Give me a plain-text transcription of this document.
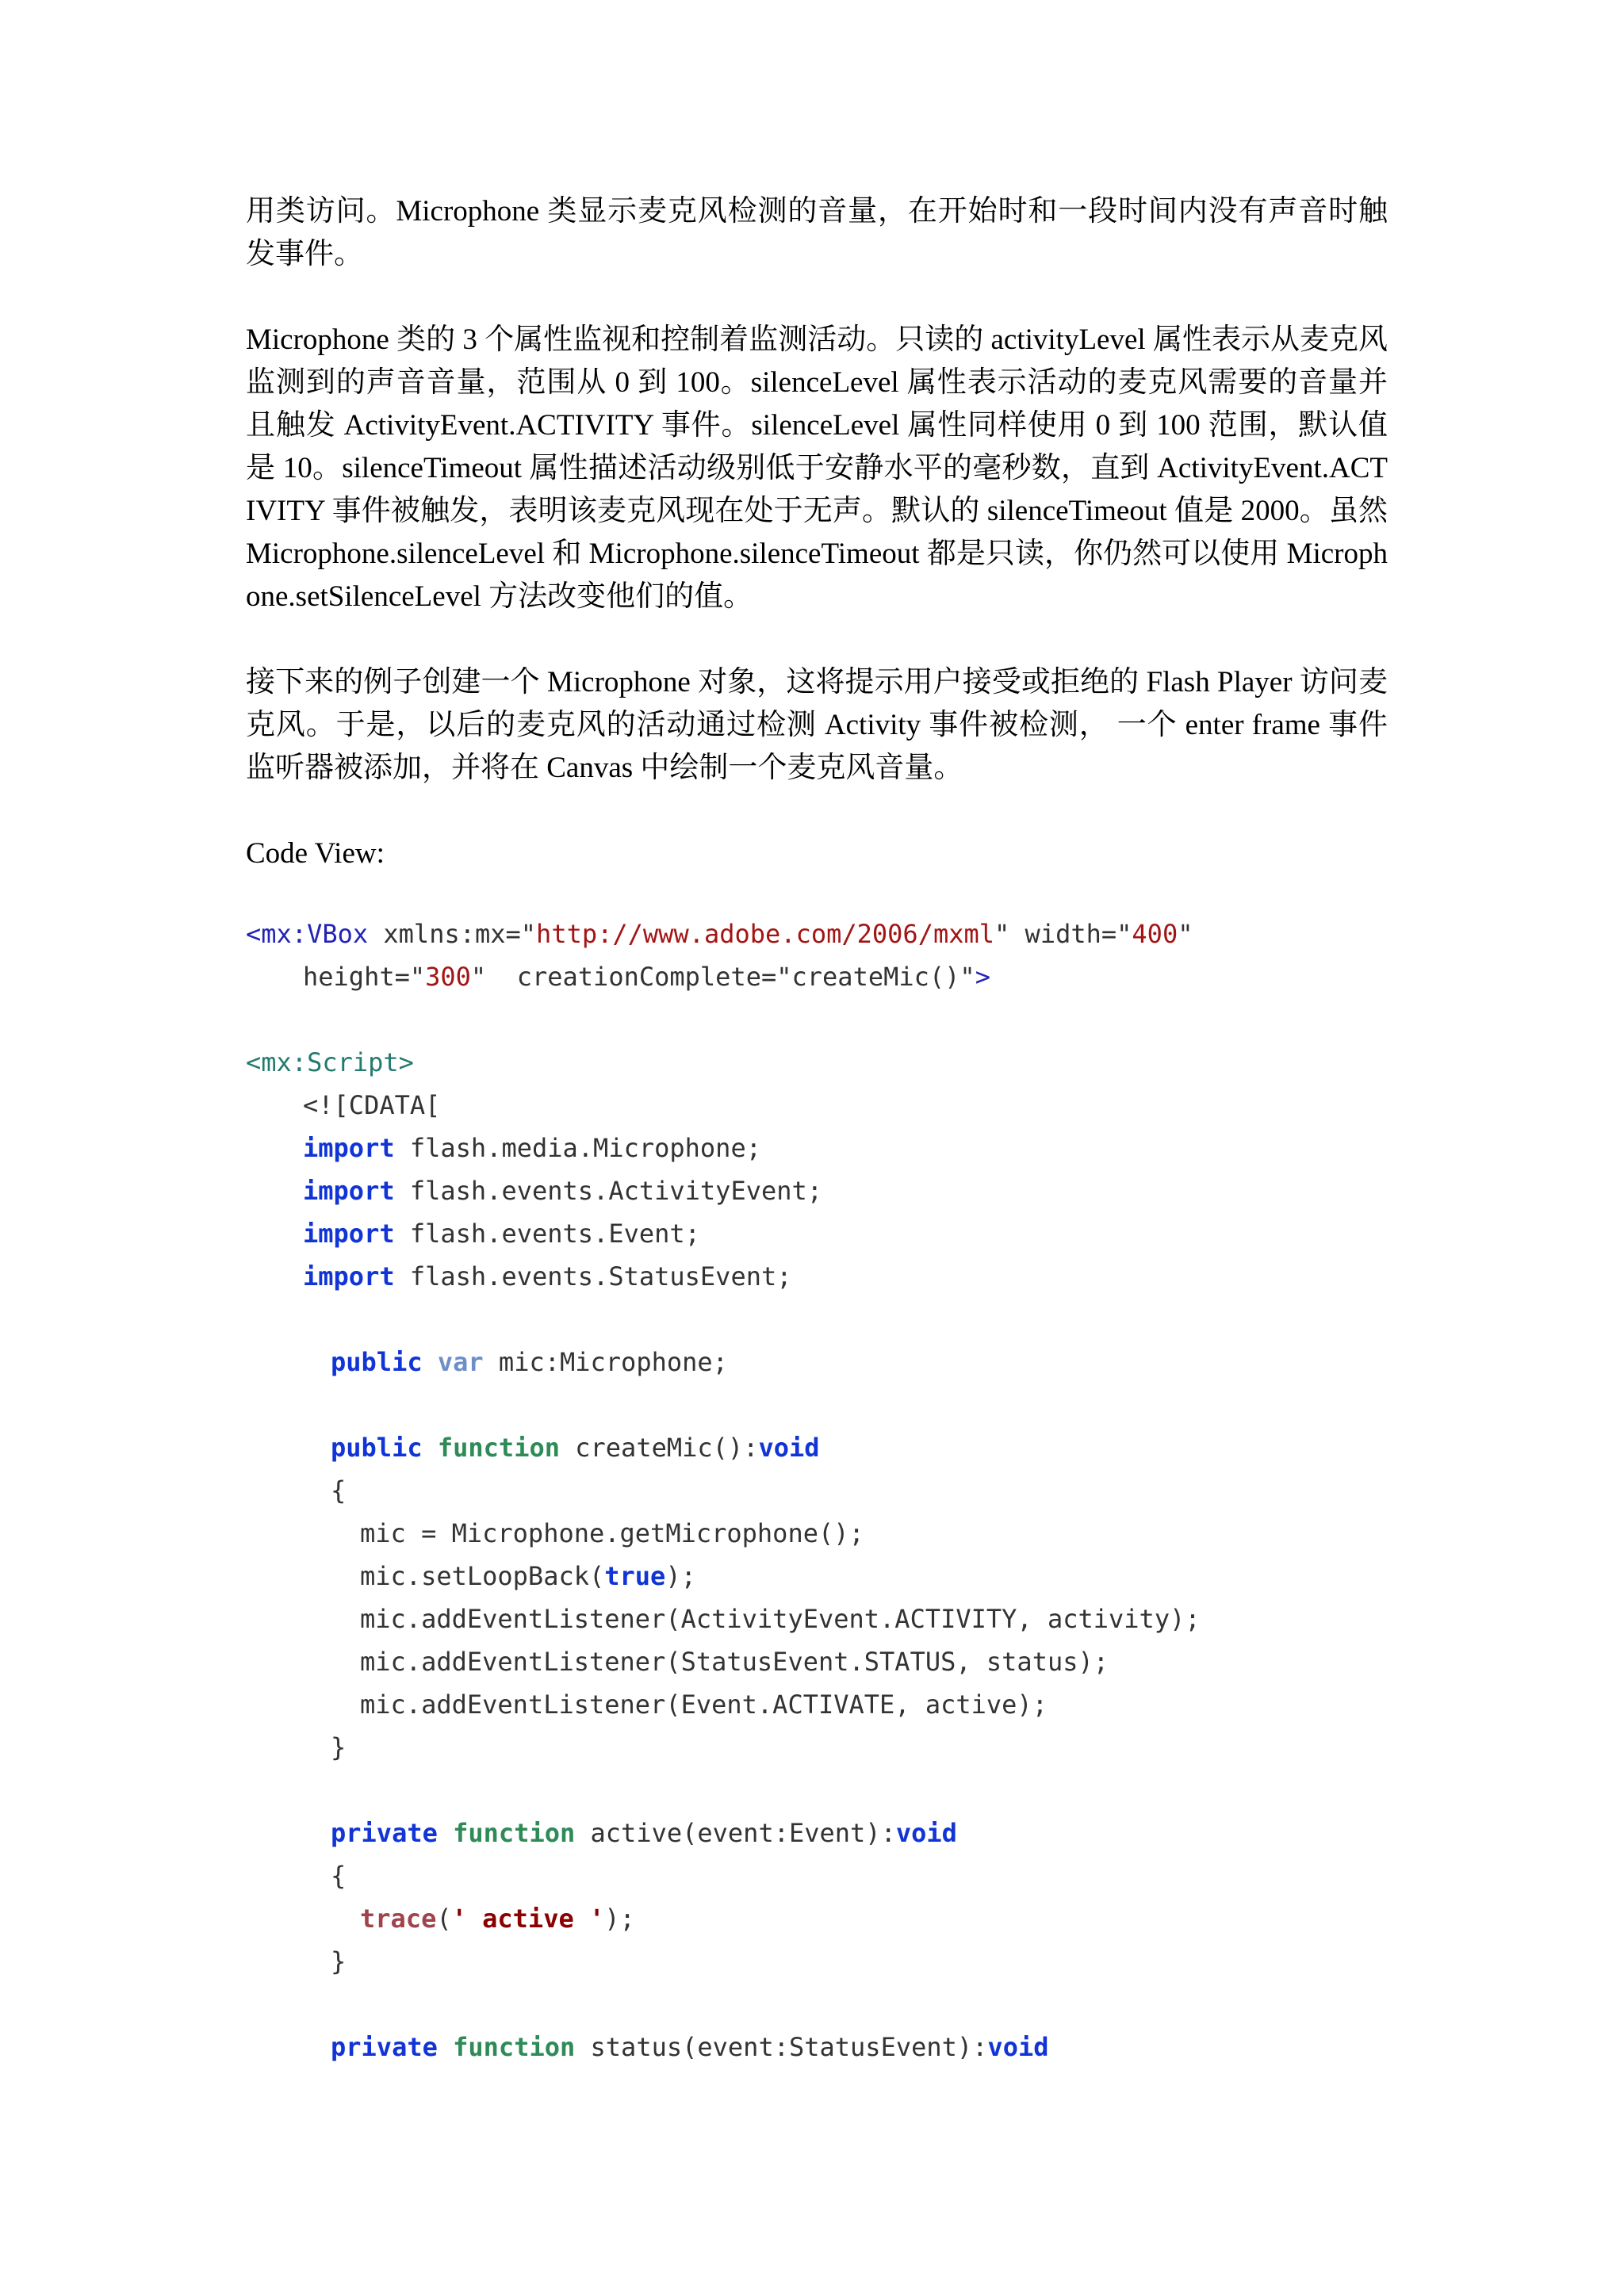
用类访问。Microphone 类显示麦克风检测的音量，在开始时和一段时间内没有声音时触发事件。

Microphone 类的 3 个属性监视和控制着监测活动。只读的 activityLevel 属性表示从麦克风监测到的声音音量，范围从 0 到 100。silenceLevel 属性表示活动的麦克风需要的音量并且触发 ActivityEvent.ACTIVITY 事件。silenceLevel 属性同样使用 0 到 100 范围，默认值是 10。silenceTimeout 属性描述活动级别低于安静水平的毫秒数，直到 ActivityEvent.ACTIVITY 事件被触发，表明该麦克风现在处于无声。默认的 silenceTimeout 值是 2000。虽然 Microphone.silenceLevel 和 Microphone.silenceTimeout 都是只读，你仍然可以使用 Microphone.setSilenceLevel 方法改变他们的值。

接下来的例子创建一个 Microphone 对象，这将提示用户接受或拒绝的 Flash Player 访问麦克风。于是，以后的麦克风的活动通过检测 Activity 事件被检测， 一个 enter frame 事件监听器被添加，并将在 Canvas 中绘制一个麦克风音量。

Code View:
<mx:VBox xmlns:mx="http://www.adobe.com/2006/mxml" width="400"
height="300"  creationComplete="createMic()">
<mx:Script>
<![CDATA[
import flash.media.Microphone;
import flash.events.ActivityEvent;
import flash.events.Event;
import flash.events.StatusEvent;
public var mic:Microphone;
public function createMic():void
{
mic = Microphone.getMicrophone();
mic.setLoopBack(true);
mic.addEventListener(ActivityEvent.ACTIVITY, activity);
mic.addEventListener(StatusEvent.STATUS, status);
mic.addEventListener(Event.ACTIVATE, active);
}
private function active(event:Event):void
{
trace(' active ');
}
private function status(event:StatusEvent):void
